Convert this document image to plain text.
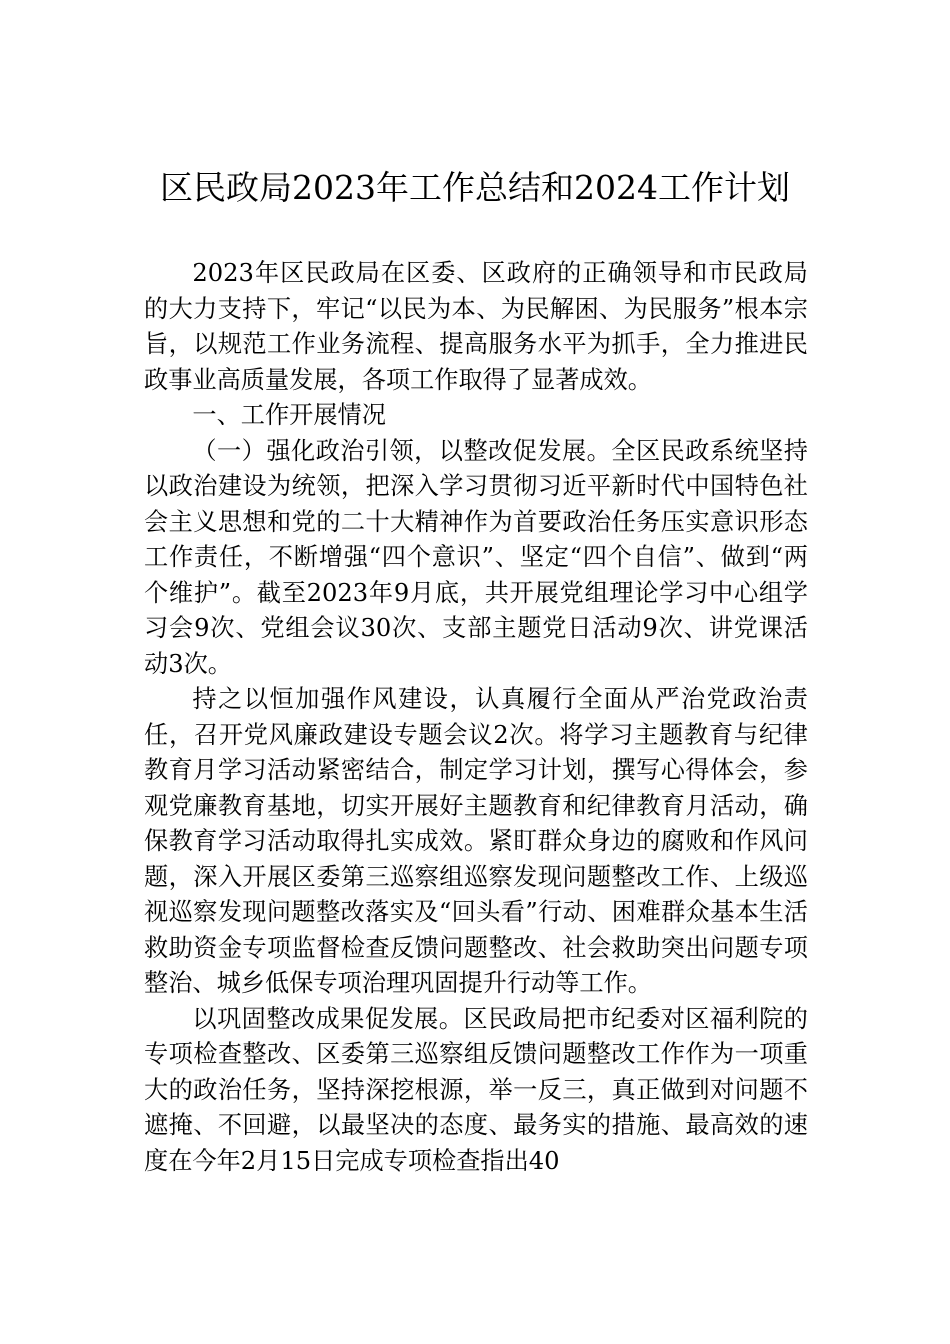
区民政局2023年工作总结和2024工作计划

2023年区民政局在区委、区政府的正确领导和市民政局的大力支持下，牢记“以民为本、为民解困、为民服务”根本宗旨，以规范工作业务流程、提高服务水平为抓手，全力推进民政事业高质量发展，各项工作取得了显著成效。

一、工作开展情况

（一）强化政治引领，以整改促发展。全区民政系统坚持以政治建设为统领，把深入学习贯彻习近平新时代中国特色社会主义思想和党的二十大精神作为首要政治任务压实意识形态工作责任，不断增强“四个意识”、坚定“四个自信”、做到“两个维护”。截至2023年9月底，共开展党组理论学习中心组学习会9次、党组会议30次、支部主题党日活动9次、讲党课活动3次。

持之以恒加强作风建设，认真履行全面从严治党政治责任，召开党风廉政建设专题会议2次。将学习主题教育与纪律教育月学习活动紧密结合，制定学习计划，撰写心得体会，参观党廉教育基地，切实开展好主题教育和纪律教育月活动，确保教育学习活动取得扎实成效。紧盯群众身边的腐败和作风问题，深入开展区委第三巡察组巡察发现问题整改工作、上级巡视巡察发现问题整改落实及“回头看”行动、困难群众基本生活救助资金专项监督检查反馈问题整改、社会救助突出问题专项整治、城乡低保专项治理巩固提升行动等工作。

以巩固整改成果促发展。区民政局把市纪委对区福利院的专项检查整改、区委第三巡察组反馈问题整改工作作为一项重大的政治任务，坚持深挖根源，举一反三，真正做到对问题不遮掩、不回避，以最坚决的态度、最务实的措施、最高效的速度在今年2月15日完成专项检查指出40
